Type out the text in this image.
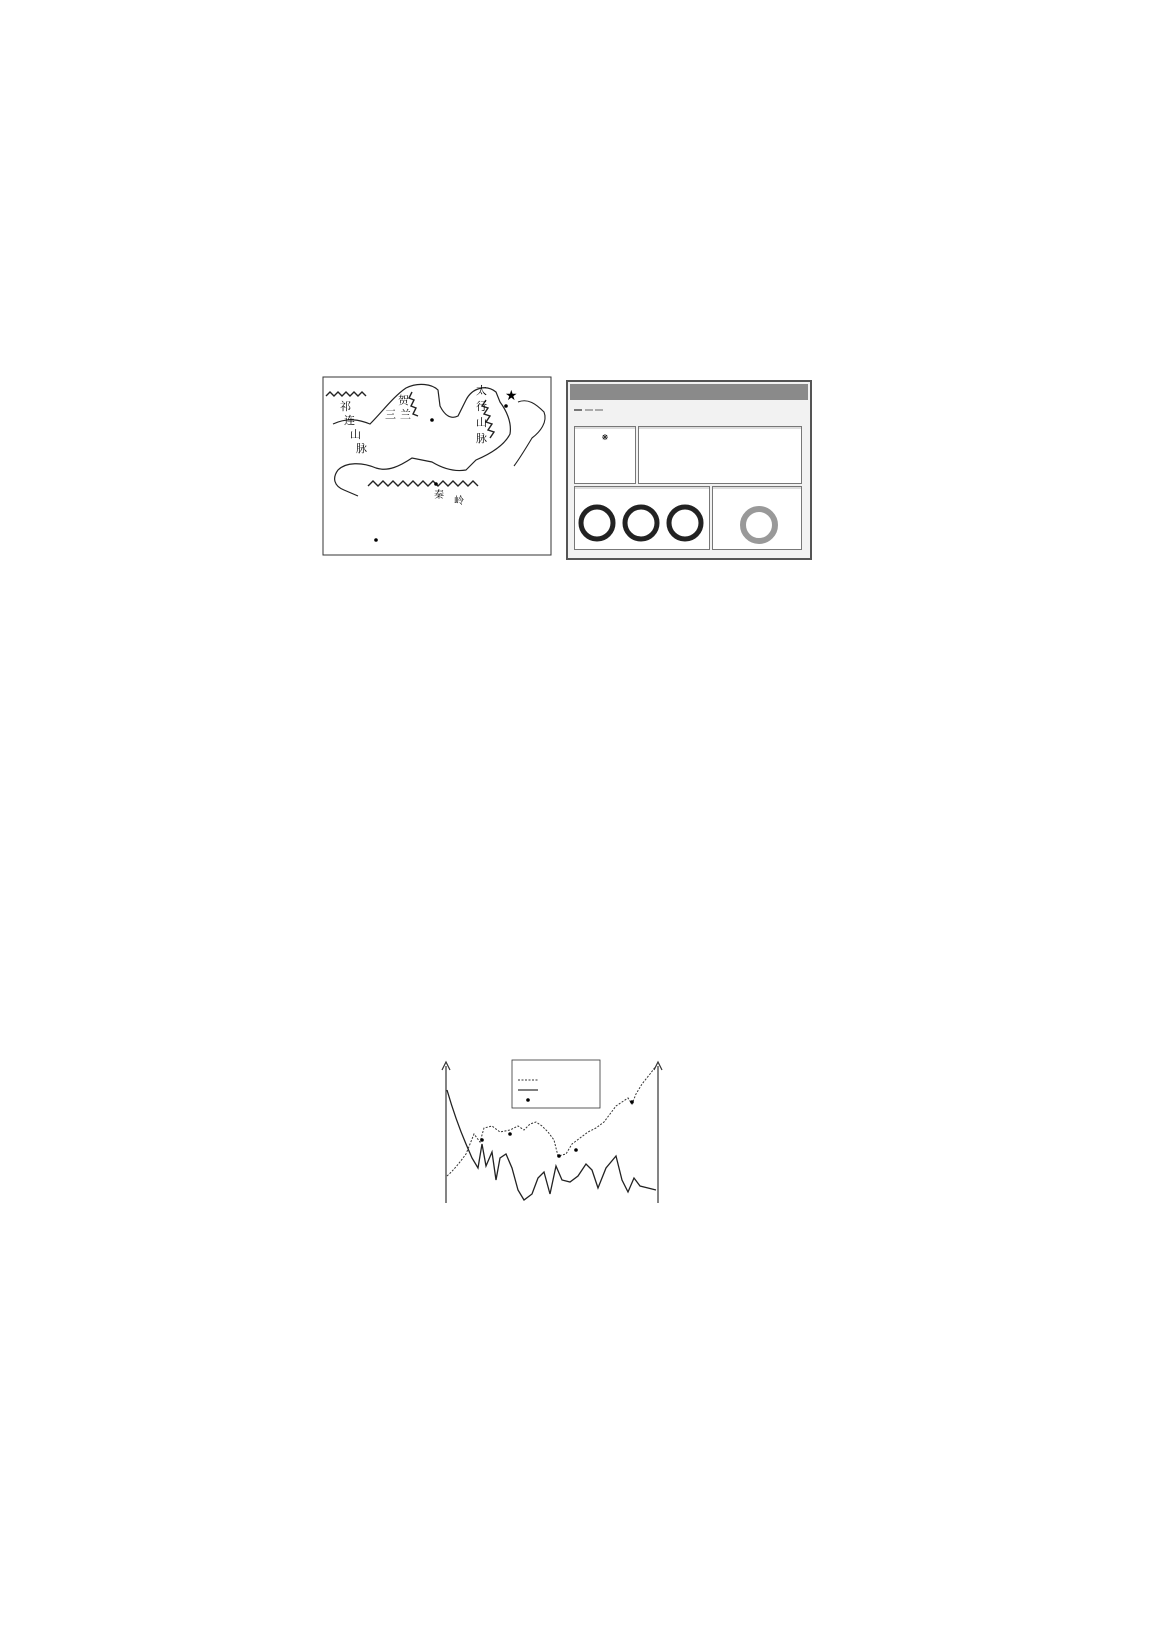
祁
连
山
脉
三
贺
兰
太
行
山
脉
秦
岭
★

❋
